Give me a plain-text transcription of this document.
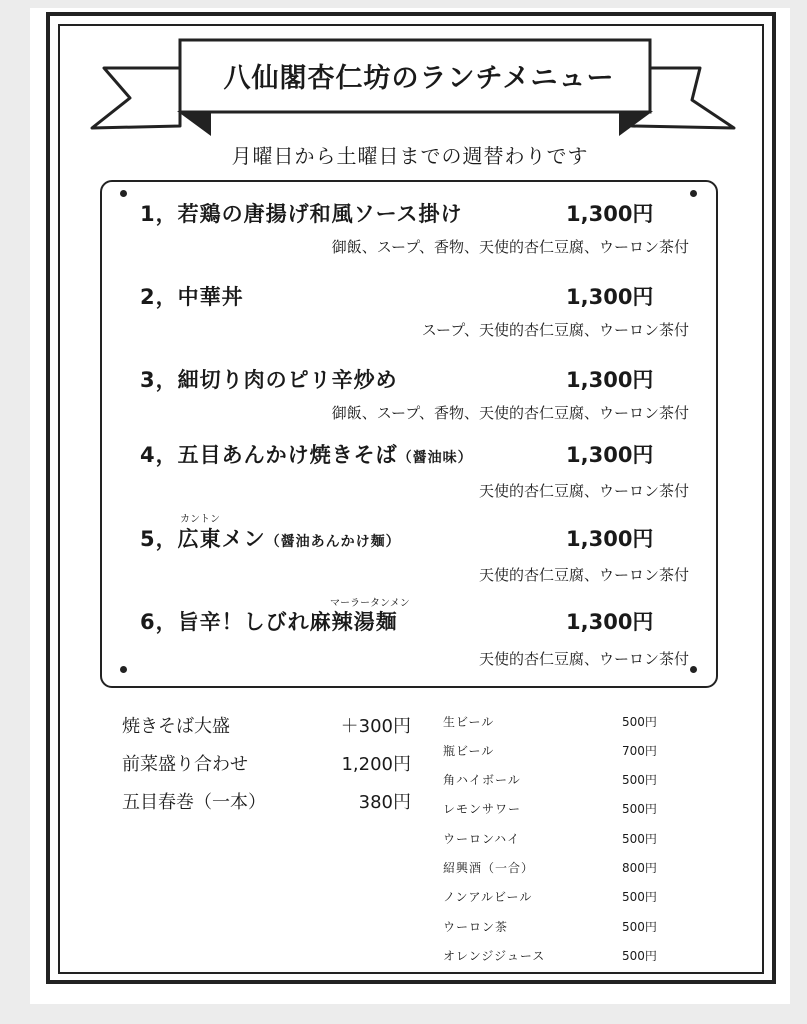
八仙閣杏仁坊のランチメニュー
月曜日から土曜日までの週替わりです
1，若鶏の唐揚げ和風ソース掛け	1,300円
御飯、スープ、香物、天使的杏仁豆腐、ウーロン茶付
2，中華丼	1,300円
スープ、天使的杏仁豆腐、ウーロン茶付
3，細切り肉のピリ辛炒め	1,300円
御飯、スープ、香物、天使的杏仁豆腐、ウーロン茶付
4，五目あんかけ焼きそば（醤油味）	1,300円
天使的杏仁豆腐、ウーロン茶付
カントン
5，広東メン（醤油あんかけ麺）	1,300円
天使的杏仁豆腐、ウーロン茶付
マーラータンメン
6，旨辛！しびれ麻辣湯麺	1,300円
天使的杏仁豆腐、ウーロン茶付
焼きそば大盛	＋300円
前菜盛り合わせ	1,200円
五目春巻（一本）	380円
生ビール	500円
瓶ビール	700円
角ハイボール	500円
レモンサワー	500円
ウーロンハイ	500円
紹興酒（一合）	800円
ノンアルビール	500円
ウーロン茶	500円
オレンジジュース	500円
